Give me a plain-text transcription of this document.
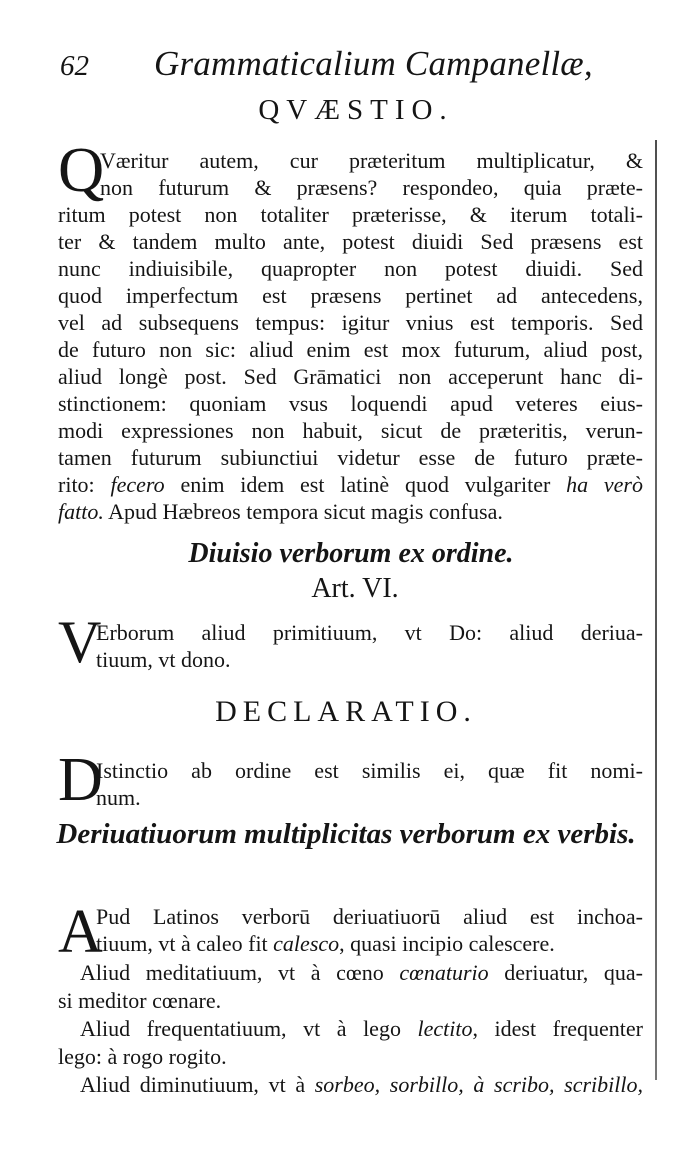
62 Grammaticalium Campanellæ,
QVÆSTIO.
Q
Væritur autem, cur præteritum multiplicatur, &
non futurum & præsens? respondeo, quia præte-
ritum potest non totaliter præterisse, & iterum totali-
ter & tandem multo ante, potest diuidi Sed præsens est
nunc indiuisibile, quapropter non potest diuidi. Sed
quod imperfectum est præsens pertinet ad antecedens,
vel ad subsequens tempus: igitur vnius est temporis. Sed
de futuro non sic: aliud enim est mox futurum, aliud post,
aliud longè post. Sed Grāmatici non acceperunt hanc di-
stinctionem: quoniam vsus loquendi apud veteres eius-
modi expressiones non habuit, sicut de præteritis, verun-
tamen futurum subiunctiui videtur esse de futuro præte-
rito: fecero enim idem est latinè quod vulgariter ha verò
fatto. Apud Hæbreos tempora sicut magis confusa.
Diuisio verborum ex ordine.
Art. VI.
V
Erborum aliud primitiuum, vt Do: aliud deriua-
tiuum, vt dono.
DECLARATIO.
D
Istinctio ab ordine est similis ei, quæ fit nomi-
num.
Deriuatiuorum multiplicitas verborum ex verbis.
A
Pud Latinos verborū deriuatiuorū aliud est inchoa-
tiuum, vt à caleo fit calesco, quasi incipio calescere.
Aliud meditatiuum, vt à cœno cœnaturio deriuatur, qua-
si meditor cœnare.
Aliud frequentatiuum, vt à lego lectito, idest frequenter
lego: à rogo rogito.
Aliud diminutiuum, vt à sorbeo, sorbillo, à scribo, scribillo,
